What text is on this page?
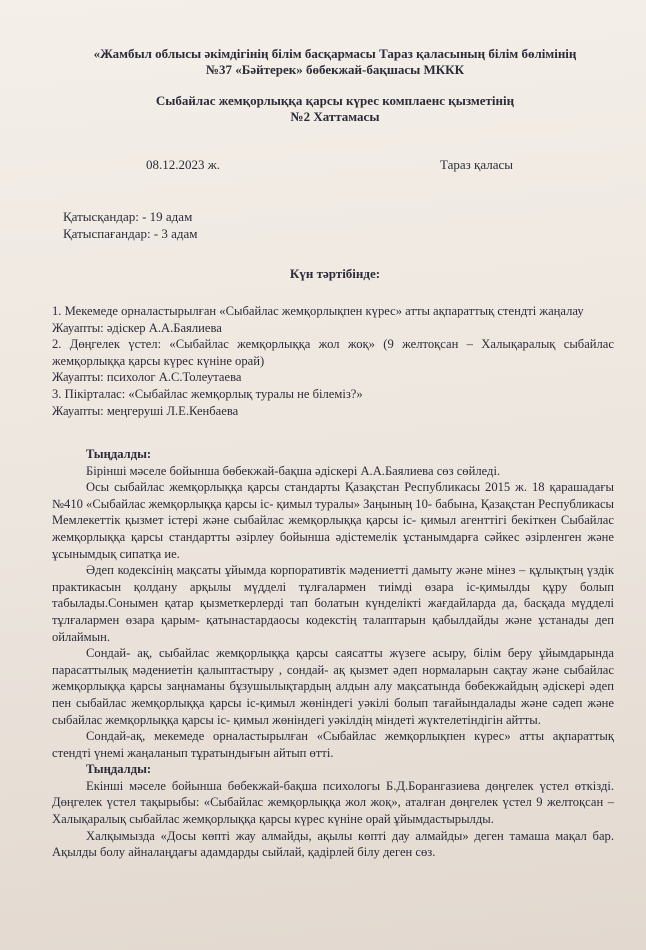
«Жамбыл облысы әкімдігінің білім басқармасы Тараз қаласының білім бөлімінің
№37 «Бәйтерек» бөбекжай-бақшасы МККК
Сыбайлас жемқорлыққа қарсы күрес комплаенс қызметінің
№2 Хаттамасы
08.12.2023 ж.	Тараз қаласы
Қатысқандар: - 19 адам
Қатыспағандар: - 3 адам
Күн тәртібінде:

1. Мекемеде орналастырылған «Сыбайлас жемқорлықпен күрес» атты ақпараттық стендті жаңалау

Жауапты: әдіскер А.А.Баялиева

2. Дөңгелек үстел: «Сыбайлас жемқорлыққа жол жоқ» (9 желтоқсан – Халықаралық сыбайлас жемқорлыққа қарсы күрес күніне орай)

Жауапты: психолог А.С.Толеутаева

3. Пікірталас: «Сыбайлас жемқорлық туралы не білеміз?»

Жауапты: меңгеруші Л.Е.Кенбаева

Тыңдалды:

Бірінші мәселе бойынша бөбекжай-бақша әдіскері А.А.Баялиева сөз сөйледі.

Осы сыбайлас жемқорлыққа қарсы стандарты Қазақстан Республикасы 2015 ж. 18 қарашадағы №410 «Сыбайлас жемқорлыққа қарсы іс- қимыл туралы» Заңының 10- бабына, Қазақстан Республикасы Мемлекеттік қызмет істері және сыбайлас жемқорлыққа қарсы іс- қимыл агенттігі бекіткен Сыбайлас жемқорлыққа қарсы стандартты әзірлеу бойынша әдістемелік ұстанымдарға сәйкес әзірленген және ұсынымдық сипатқа ие.

Әдеп кодексінің мақсаты ұйымда корпоративтік мәдениетті дамыту және мінез – құлықтың үздік практикасын қолдану арқылы мүдделі тұлғалармен тиімді өзара іс-қимылды құру болып табылады.Сонымен қатар қызметкерлерді тап болатын күнделікті жағдайларда да, басқада мүдделі тұлғалармен өзара қарым- қатынастардаосы кодекстің талаптарын қабылдайды және ұстанады деп ойлаймын.

Сондай- ақ, сыбайлас жемқорлыққа қарсы саясатты жүзеге асыру, білім беру ұйымдарында парасаттылық мәдениетін қалыптастыру , сондай- ақ қызмет әдеп нормаларын сақтау және сыбайлас жемқорлыққа қарсы заңнаманы бұзушылықтардың алдын алу мақсатында бөбекжайдың әдіскері әдеп пен сыбайлас жемқорлыққа қарсы іс-қимыл жөніндегі уәкілі болып тағайындалады және сәдеп және сыбайлас жемқорлыққа қарсы іс- қимыл жөніндегі уәкілдің міндеті жүктелетіндігін айтты.

Сондай-ақ, мекемеде орналастырылған «Сыбайлас жемқорлықпен күрес» атты ақпараттық стендті үнемі жаңаланып тұратындығын айтып өтті.

Тыңдалды:

Екінші мәселе бойынша бөбекжай-бақша психологы Б.Д.Борангазиева дөңгелек үстел өткізді. Дөңгелек үстел тақырыбы: «Сыбайлас жемқорлыққа жол жоқ», аталған дөңгелек үстел 9 желтоқсан – Халықаралық сыбайлас жемқорлыққа қарсы күрес күніне орай ұйымдастырылды.

Халқымызда «Досы көпті жау алмайды, ақылы көпті дау алмайды» деген тамаша мақал бар. Ақылды болу айналаңдағы адамдарды сыйлай, қадірлей білу деген сөз.
